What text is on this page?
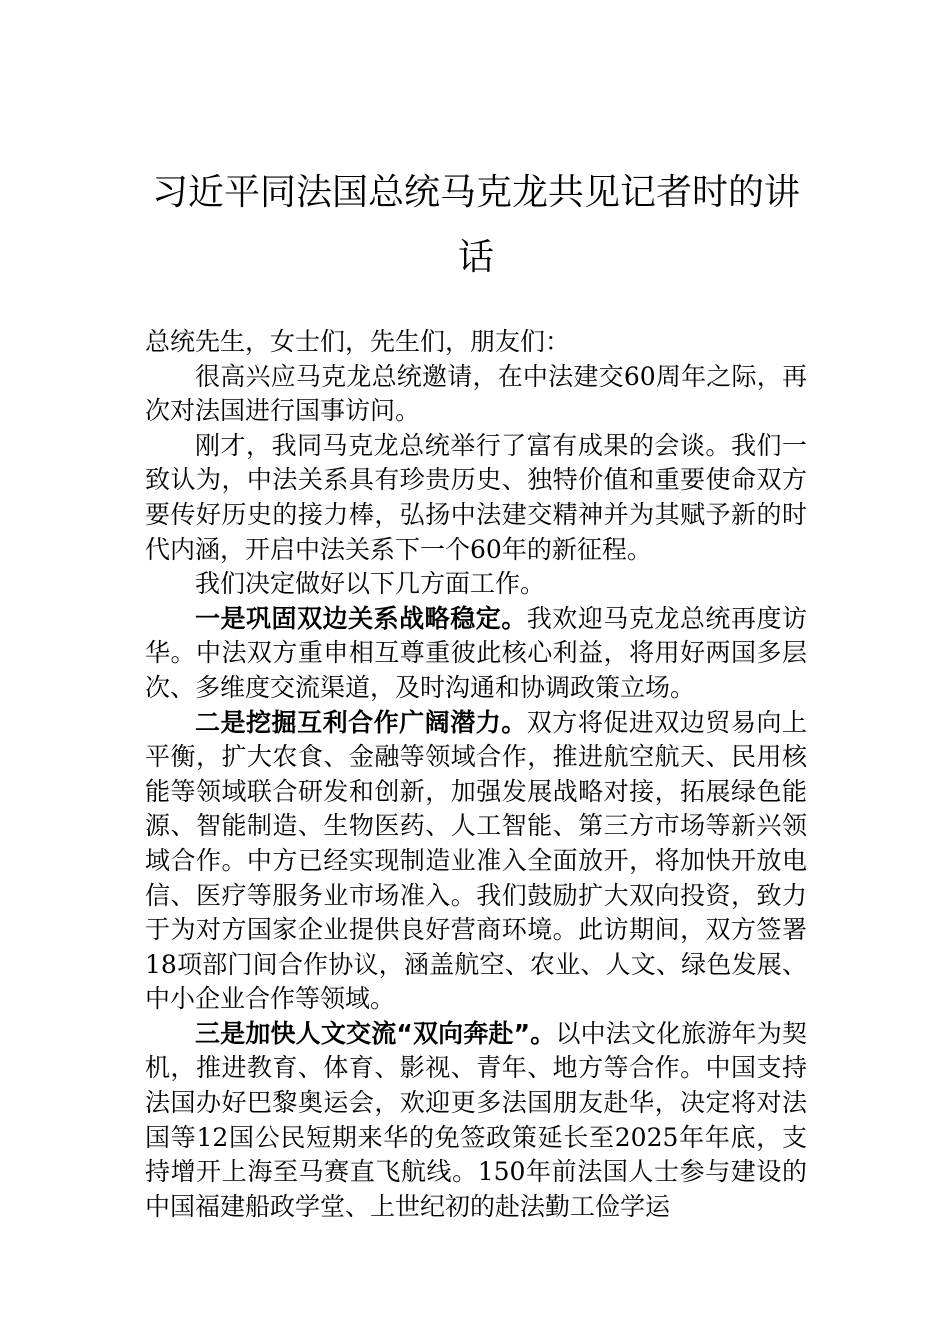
习近平同法国总统马克龙共见记者时的讲话

总统先生，女士们，先生们，朋友们：

很高兴应马克龙总统邀请，在中法建交60周年之际，再次对法国进行国事访问。

刚才，我同马克龙总统举行了富有成果的会谈。我们一致认为，中法关系具有珍贵历史、独特价值和重要使命双方要传好历史的接力棒，弘扬中法建交精神并为其赋予新的时代内涵，开启中法关系下一个60年的新征程。

我们决定做好以下几方面工作。

一是巩固双边关系战略稳定。我欢迎马克龙总统再度访华。中法双方重申相互尊重彼此核心利益，将用好两国多层次、多维度交流渠道，及时沟通和协调政策立场。

二是挖掘互利合作广阔潜力。双方将促进双边贸易向上平衡，扩大农食、金融等领域合作，推进航空航天、民用核能等领域联合研发和创新，加强发展战略对接，拓展绿色能源、智能制造、生物医药、人工智能、第三方市场等新兴领域合作。中方已经实现制造业准入全面放开，将加快开放电信、医疗等服务业市场准入。我们鼓励扩大双向投资，致力于为对方国家企业提供良好营商环境。此访期间，双方签署18项部门间合作协议，涵盖航空、农业、人文、绿色发展、中小企业合作等领域。

三是加快人文交流“双向奔赴”。以中法文化旅游年为契机，推进教育、体育、影视、青年、地方等合作。中国支持法国办好巴黎奥运会，欢迎更多法国朋友赴华，决定将对法国等12国公民短期来华的免签政策延长至2025年年底，支持增开上海至马赛直飞航线。150年前法国人士参与建设的中国福建船政学堂、上世纪初的赴法勤工俭学运
